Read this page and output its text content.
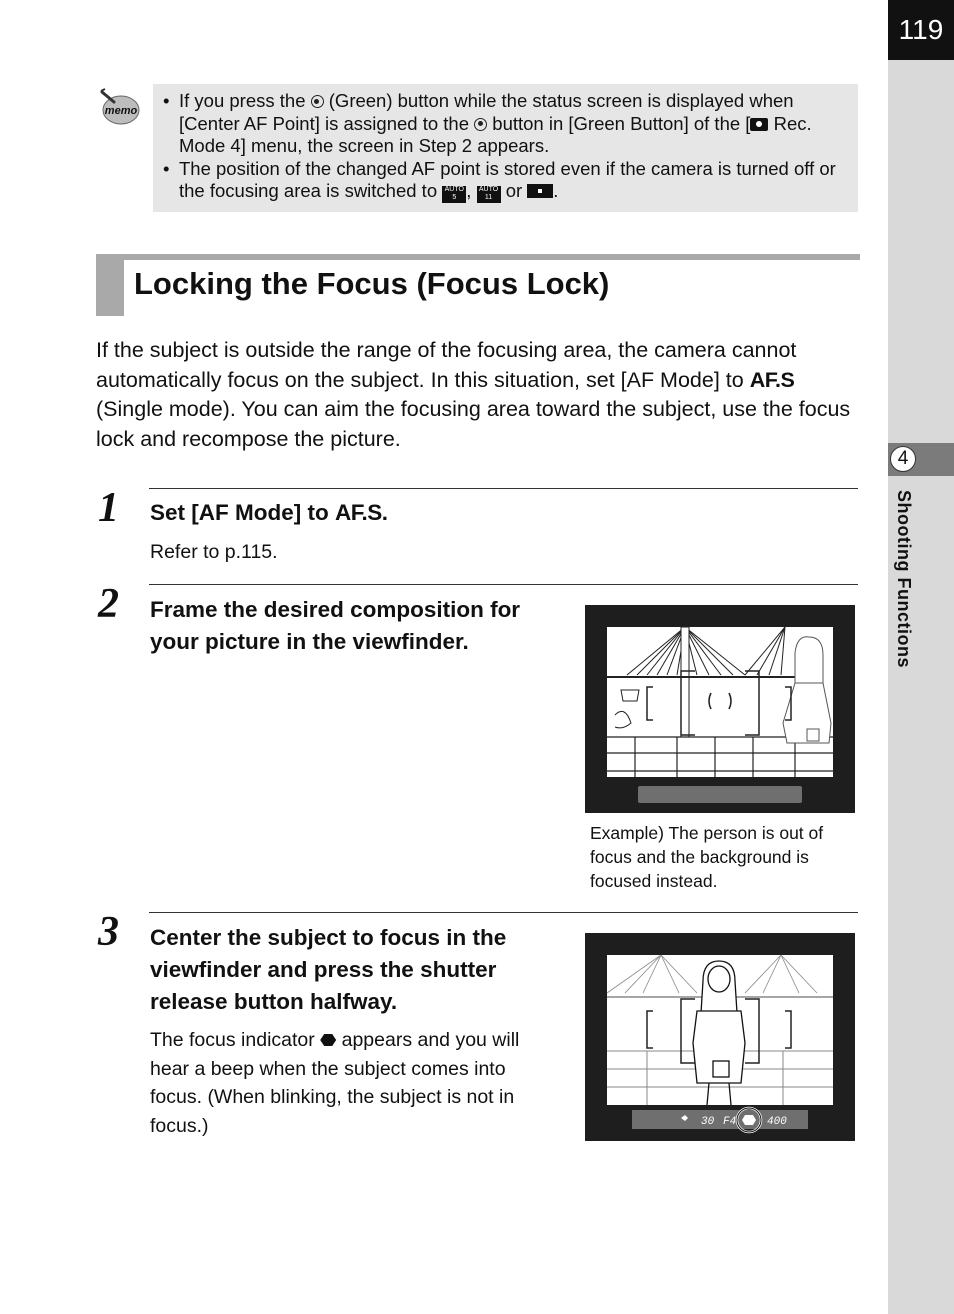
119
4
Shooting Functions
memo
• If you press the (Green) button while the status screen is displayed when [Center AF Point] is assigned to the button in [Green Button] of the [ Rec. Mode 4] menu, the screen in Step 2 appears.
• The position of the changed AF point is stored even if the camera is turned off or the focusing area is switched to AUTO 5 , AUTO 11 or .
Locking the Focus (Focus Lock)
If the subject is outside the range of the focusing area, the camera cannot automatically focus on the subject. In this situation, set [AF Mode] to AF.S (Single mode). You can aim the focusing area toward the subject, use the focus lock and recompose the picture.
1 Set [AF Mode] to AF.S.
Refer to p.115.
2 Frame the desired composition for your picture in the viewfinder.
Example) The person is out of focus and the background is focused instead.
3 Center the subject to focus in the viewfinder and press the shutter release button halfway.
The focus indicator appears and you will hear a beep when the subject comes into focus. (When blinking, the subject is not in focus.)	30 F4	400
